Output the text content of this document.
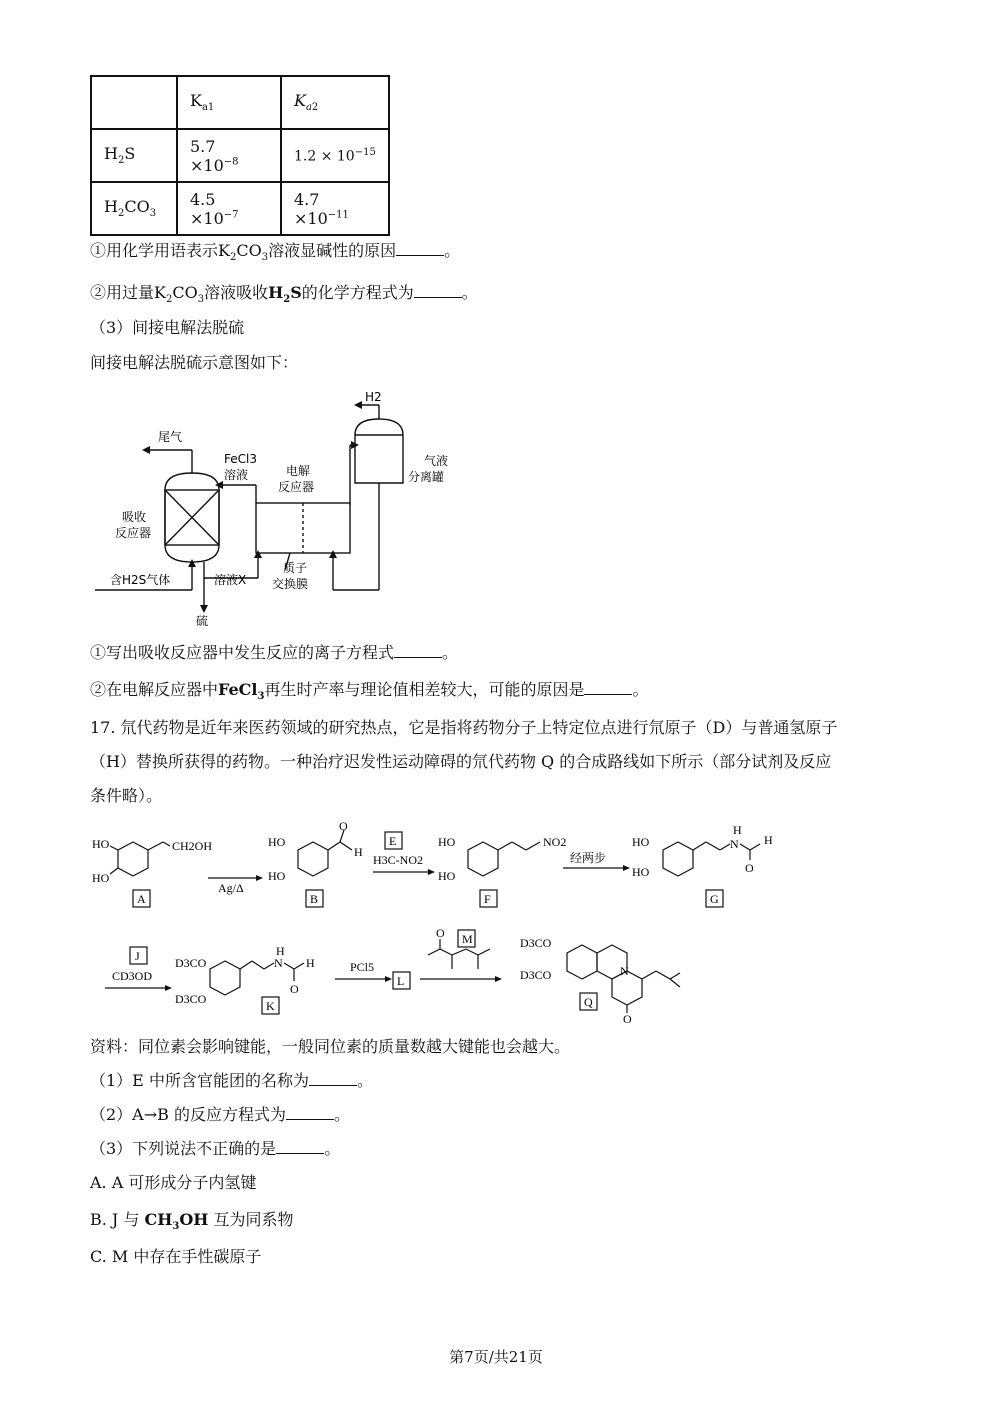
	$K_{a1}$	$K_{a2}$
$H_2S$	$5.7 \times 10^{-8}$	$1.2 \times 10^{-15}$
$H_2CO_3$	$4.5 \times 10^{-7}$	$4.7 \times 10^{-11}$
①用化学用语表示$K_2CO_3$溶液显碱性的原因	。
②用过量$K_2CO_3$溶液吸收$H_2S$的化学方程式为	。
（3）间接电解法脱硫
间接电解法脱硫示意图如下：
H2
尾气
FeCl3
溶液	电解
反应器
气液
分离罐
吸收
反应器
含H2S气体	溶液X
质子
交换膜
硫
①写出吸收反应器中发生反应的离子方程式	。
②在电解反应器中FeCl$_3$再生时产率与理论值相差较大，可能的原因是	。
17. 氘代药物是近年来医药领域的研究热点，它是指将药物分子上特定位点进行氘原子（D）与普通氢原子
（H）替换所获得的药物。一种治疗迟发性运动障碍的氘代药物 Q 的合成路线如下所示（部分试剂及反应
条件略）。
HO
HO
CH2OH
A
Ag/Δ
HO
HO
O
H
B
E
H3C-NO2
HO
HO
NO2
F
经两步
HO
HO
N
H
H
O
G
J
CD3OD
D3CO
D3CO
N
H
H
O
K
PCl5
L
M
O
D3CO
D3CO	N
O
Q
资料：同位素会影响键能，一般同位素的质量数越大键能也会越大。
（1）E 中所含官能团的名称为	。
（2）A→B 的反应方程式为	。
（3）下列说法不正确的是	。
A. A 可形成分子内氢键
B. J 与 $CH_3OH$ 互为同系物
C. M 中存在手性碳原子
第7页/共21页
